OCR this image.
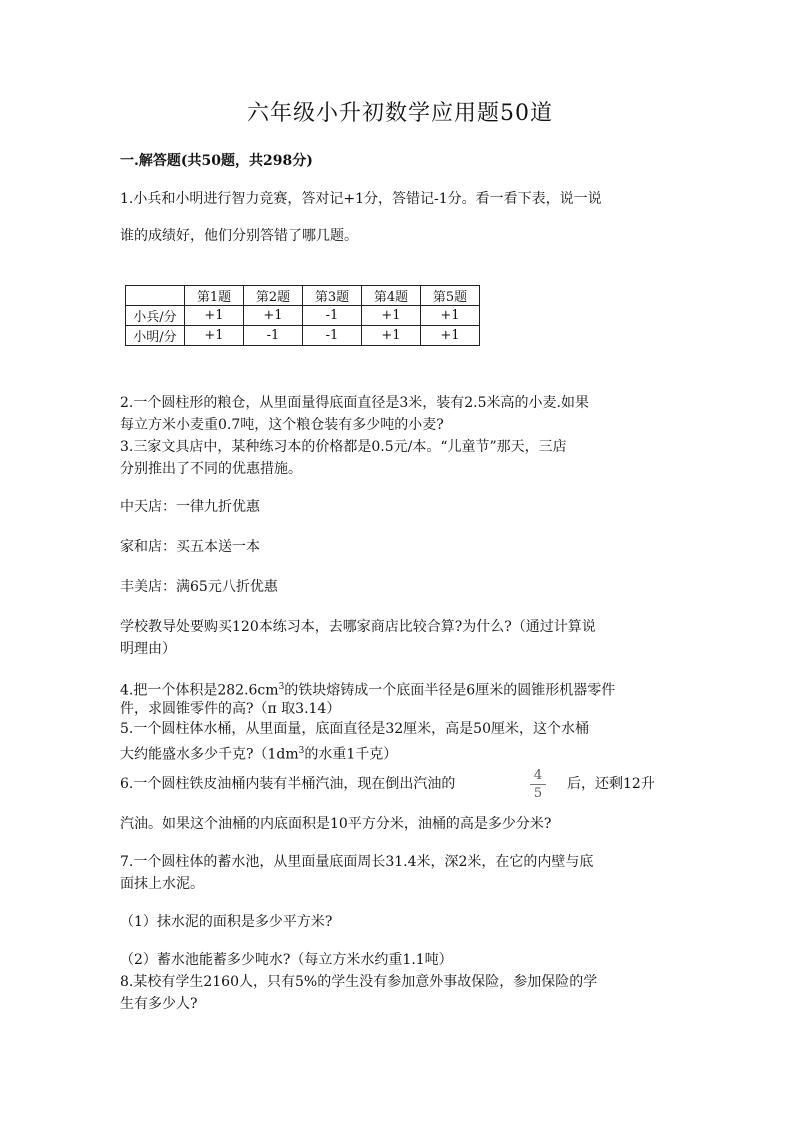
六年级小升初数学应用题50道
一.解答题(共50题，共298分)
1.小兵和小明进行智力竞赛，答对记+1分，答错记-1分。看一看下表，说一说
谁的成绩好，他们分别答错了哪几题。
	第1题	第2题	第3题	第4题	第5题
小兵/分	+1	+1	-1	+1	+1
小明/分	+1	-1	-1	+1	+1
2.一个圆柱形的粮仓，从里面量得底面直径是3米，装有2.5米高的小麦.如果
每立方米小麦重0.7吨，这个粮仓装有多少吨的小麦?
3.三家文具店中，某种练习本的价格都是0.5元/本。“儿童节”那天，三店
分别推出了不同的优惠措施。
中天店：一律九折优惠
家和店：买五本送一本
丰美店：满65元八折优惠
学校教导处要购买120本练习本，去哪家商店比较合算?为什么?（通过计算说
明理由）
4.把一个体积是$282.6cm^3$的铁块熔铸成一个底面半径是6厘米的圆锥形机器零件
件，求圆锥零件的高?（π 取3.14）
5.一个圆柱体水桶，从里面量，底面直径是32厘米，高是50厘米，这个水桶
大约能盛水多少千克$?(1dm^3$的水重1千克）
6.一个圆柱铁皮油桶内装有半桶汽油，现在倒出汽油的
4
5
后，还剩12升
汽油。如果这个油桶的内底面积是10平方分米，油桶的高是多少分米?
7.一个圆柱体的蓄水池，从里面量底面周长31.4米，深2米，在它的内壁与底
面抹上水泥。
（1）抹水泥的面积是多少平方米?
（2）蓄水池能蓄多少吨水?（每立方米水约重1.1吨）
8.某校有学生2160人，只有5%的学生没有参加意外事故保险，参加保险的学
生有多少人?
